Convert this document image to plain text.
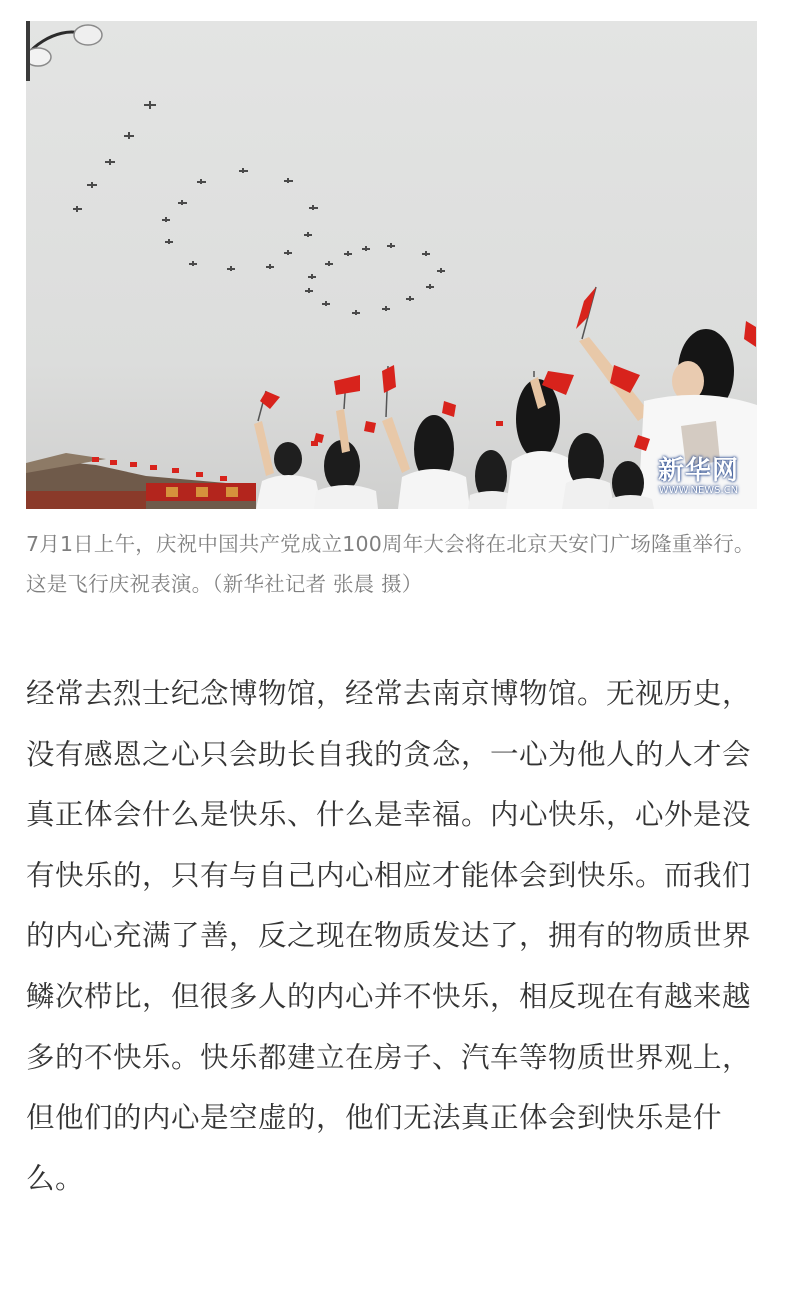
新华网
WWW.NEWS.CN

7月1日上午，庆祝中国共产党成立100周年大会将在北京天安门广场隆重举行。这是飞行庆祝表演。（新华社记者 张晨 摄）

经常去烈士纪念博物馆，经常去南京博物馆。无视历史，没有感恩之心只会助长自我的贪念，一心为他人的人才会真正体会什么是快乐、什么是幸福。内心快乐，心外是没有快乐的，只有与自己内心相应才能体会到快乐。而我们的内心充满了善，反之现在物质发达了，拥有的物质世界鳞次栉比，但很多人的内心并不快乐，相反现在有越来越多的不快乐。快乐都建立在房子、汽车等物质世界观上，但他们的内心是空虚的，他们无法真正体会到快乐是什么。
